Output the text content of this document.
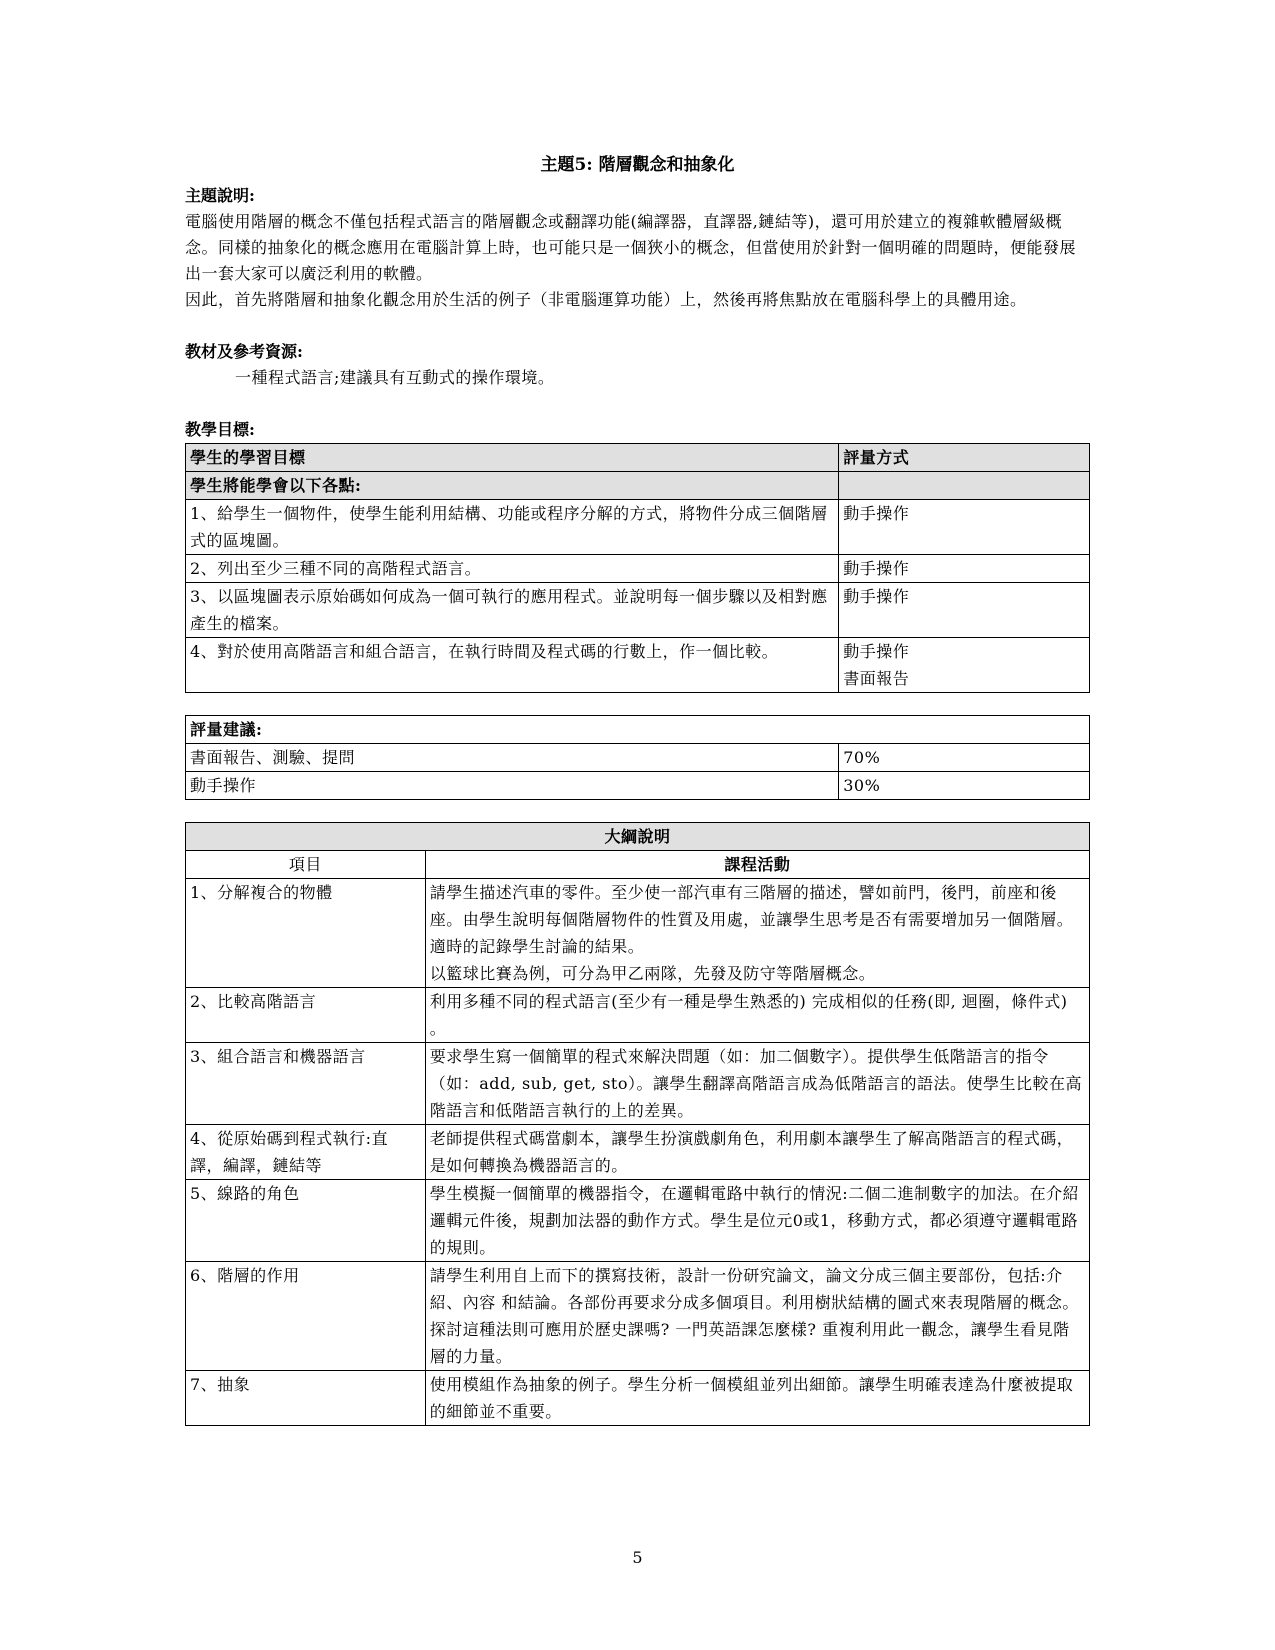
主題5: 階層觀念和抽象化
主題說明:

電腦使用階層的概念不僅包括程式語言的階層觀念或翻譯功能(編譯器，直譯器,鏈結等)，還可用於建立的複雜軟體層級概念。同樣的抽象化的概念應用在電腦計算上時，也可能只是一個狹小的概念，但當使用於針對一個明確的問題時，便能發展出一套大家可以廣泛利用的軟體。

因此，首先將階層和抽象化觀念用於生活的例子（非電腦運算功能）上，然後再將焦點放在電腦科學上的具體用途。

教材及參考資源:

一種程式語言;建議具有互動式的操作環境。

教學目標:
學生的學習目標	評量方式
學生將能學會以下各點:	
1、給學生一個物件，使學生能利用結構、功能或程序分解的方式，將物件分成三個階層式的區塊圖。	動手操作
2、列出至少三種不同的高階程式語言。	動手操作
3、以區塊圖表示原始碼如何成為一個可執行的應用程式。並說明每一個步驟以及相對應產生的檔案。	動手操作
4、對於使用高階語言和組合語言，在執行時間及程式碼的行數上，作一個比較。	動手操作
書面報告
評量建議:	
書面報告、測驗、提問	70%
動手操作	30%
大綱說明	
項目	課程活動
1、分解複合的物體	請學生描述汽車的零件。至少使一部汽車有三階層的描述，譬如前門，後門，前座和後座。由學生說明每個階層物件的性質及用處，並讓學生思考是否有需要增加另一個階層。適時的記錄學生討論的結果。
以籃球比賽為例，可分為甲乙兩隊，先發及防守等階層概念。

2、比較高階語言	利用多種不同的程式語言(至少有一種是學生熟悉的) 完成相似的任務(即, 迴圈，條件式) 。
3、組合語言和機器語言	要求學生寫一個簡單的程式來解決問題（如：加二個數字）。提供學生低階語言的指令（如：add, sub, get, sto）。讓學生翻譯高階語言成為低階語言的語法。使學生比較在高階語言和低階語言執行的上的差異。
4、從原始碼到程式執行:直譯，編譯，鏈結等	老師提供程式碼當劇本，讓學生扮演戲劇角色，利用劇本讓學生了解高階語言的程式碼，是如何轉換為機器語言的。
5、線路的角色	學生模擬一個簡單的機器指令，在邏輯電路中執行的情況:二個二進制數字的加法。在介紹邏輯元件後，規劃加法器的動作方式。學生是位元0或1，移動方式，都必須遵守邏輯電路的規則。
6、階層的作用	請學生利用自上而下的撰寫技術，設計一份研究論文，論文分成三個主要部份，包括:介紹、內容 和結論。各部份再要求分成多個項目。利用樹狀結構的圖式來表現階層的概念。探討這種法則可應用於歷史課嗎? 一門英語課怎麼樣? 重複利用此一觀念，讓學生看見階層的力量。
7、抽象	使用模組作為抽象的例子。學生分析一個模組並列出細節。讓學生明確表達為什麼被提取的細節並不重要。
5
